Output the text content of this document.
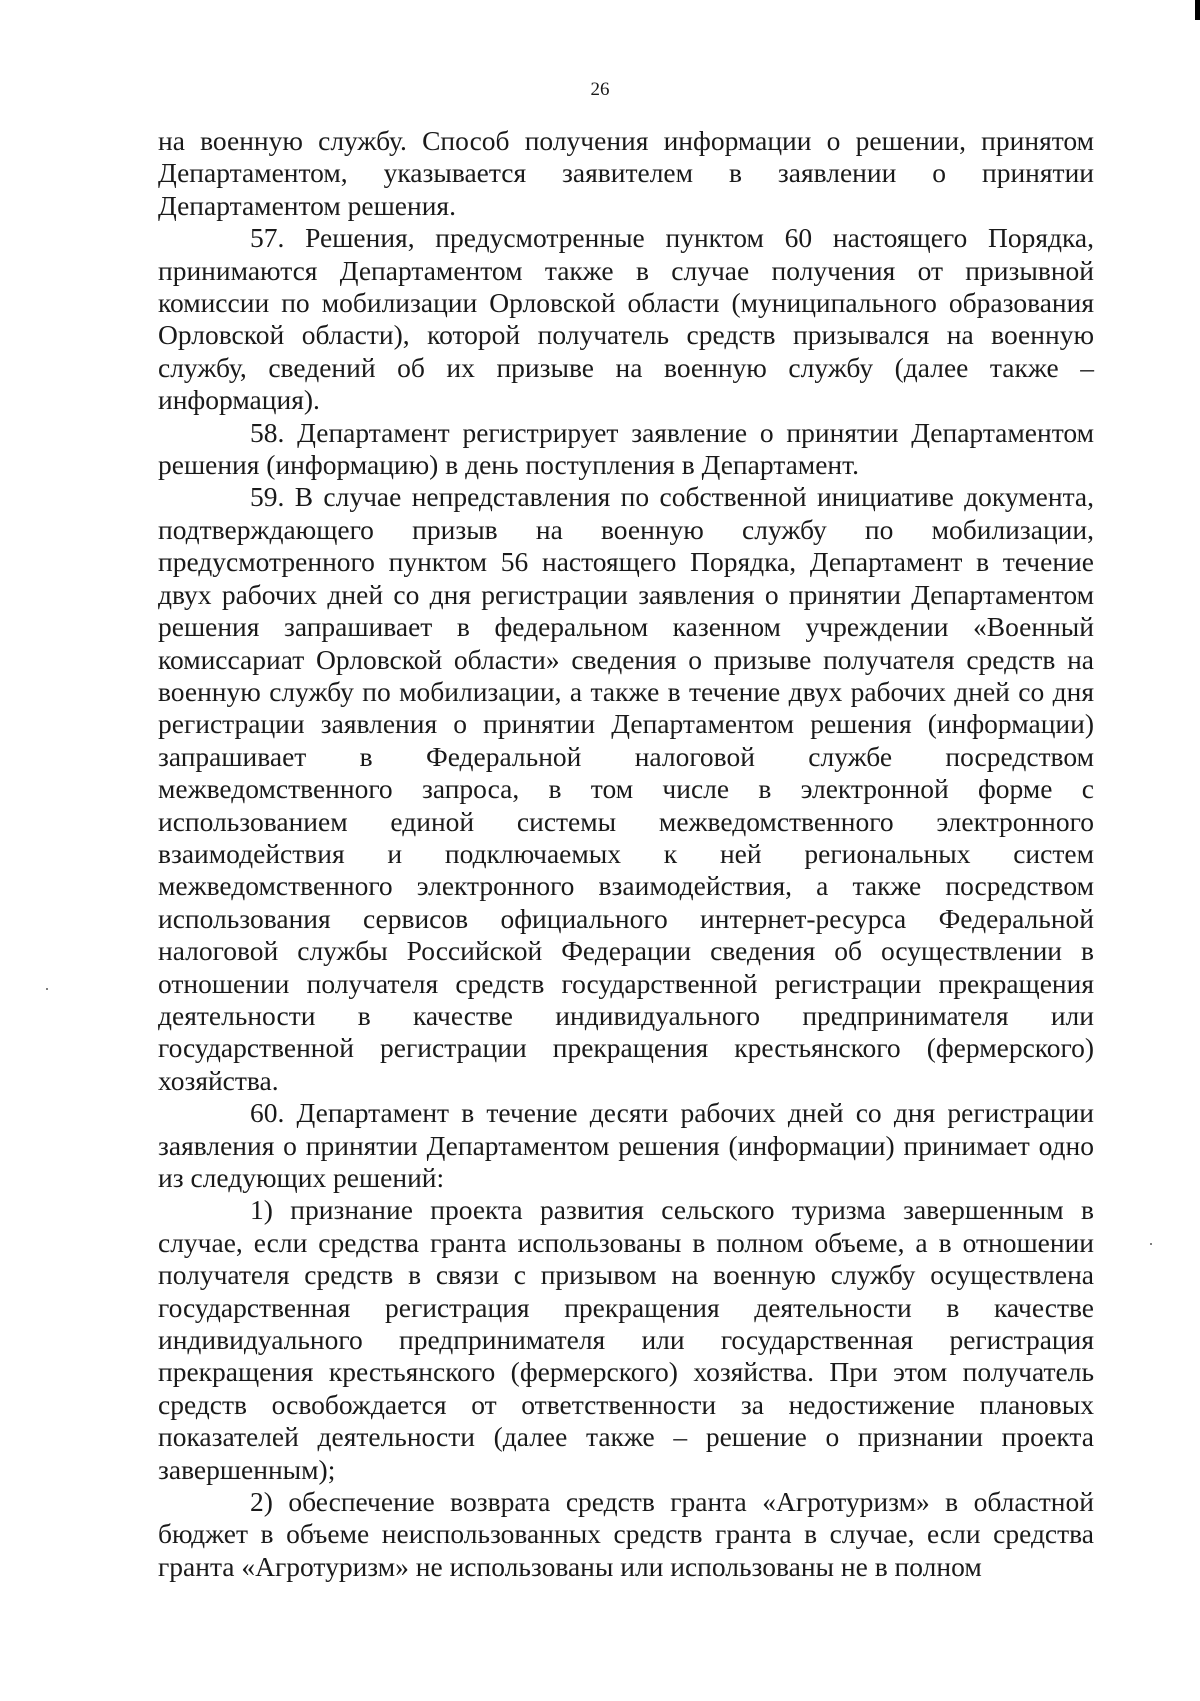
26

на военную службу. Способ получения информации о решении, принятом Департаментом, указывается заявителем в заявлении о принятии Департаментом решения.

57. Решения, предусмотренные пунктом 60 настоящего Порядка, принимаются Департаментом также в случае получения от призывной комиссии по мобилизации Орловской области (муниципального образования Орловской области), которой получатель средств призывался на военную службу, сведений об их призыве на военную службу (далее также – информация).

58. Департамент регистрирует заявление о принятии Департаментом решения (информацию) в день поступления в Департамент.

59. В случае непредставления по собственной инициативе документа, подтверждающего призыв на военную службу по мобилизации, предусмотренного пунктом 56 настоящего Порядка, Департамент в течение двух рабочих дней со дня регистрации заявления о принятии Департаментом решения запрашивает в федеральном казенном учреждении «Военный комиссариат Орловской области» сведения о призыве получателя средств на военную службу по мобилизации, а также в течение двух рабочих дней со дня регистрации заявления о принятии Департаментом решения (информации) запрашивает в Федеральной налоговой службе посредством межведомственного запроса, в том числе в электронной форме с использованием единой системы межведомственного электронного взаимодействия и подключаемых к ней региональных систем межведомственного электронного взаимодействия, а также посредством использования сервисов официального интернет-ресурса Федеральной налоговой службы Российской Федерации сведения об осуществлении в отношении получателя средств государственной регистрации прекращения деятельности в качестве индивидуального предпринимателя или государственной регистрации прекращения крестьянского (фермерского) хозяйства.

60. Департамент в течение десяти рабочих дней со дня регистрации заявления о принятии Департаментом решения (информации) принимает одно из следующих решений:

1) признание проекта развития сельского туризма завершенным в случае, если средства гранта использованы в полном объеме, а в отношении получателя средств в связи с призывом на военную службу осуществлена государственная регистрация прекращения деятельности в качестве индивидуального предпринимателя или государственная регистрация прекращения крестьянского (фермерского) хозяйства. При этом получатель средств освобождается от ответственности за недостижение плановых показателей деятельности (далее также – решение о признании проекта завершенным);

2) обеспечение возврата средств гранта «Агротуризм» в областной бюджет в объеме неиспользованных средств гранта в случае, если средства гранта «Агротуризм» не использованы или использованы не в полном
